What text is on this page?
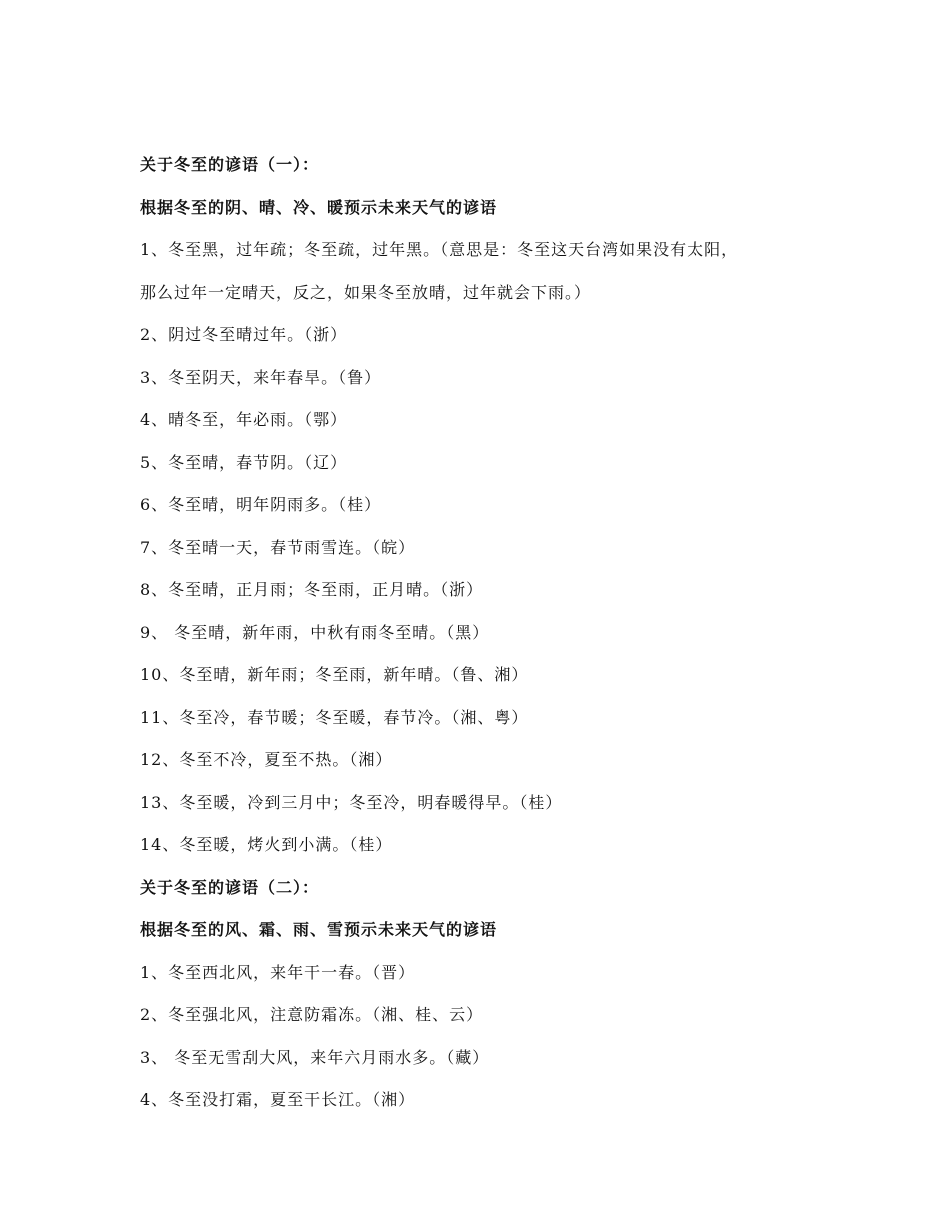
关于冬至的谚语（一）：
根据冬至的阴、晴、冷、暖预示未来天气的谚语
1、冬至黑，过年疏；冬至疏，过年黑。（意思是：冬至这天台湾如果没有太阳，
那么过年一定晴天，反之，如果冬至放晴，过年就会下雨。）
2、阴过冬至晴过年。（浙）
3、冬至阴天，来年春旱。（鲁）
4、晴冬至，年必雨。（鄂）
5、冬至晴，春节阴。（辽）
6、冬至晴，明年阴雨多。（桂）
7、冬至晴一天，春节雨雪连。（皖）
8、冬至晴，正月雨；冬至雨，正月晴。（浙）
9、 冬至晴，新年雨，中秋有雨冬至晴。（黑）
10、冬至晴，新年雨；冬至雨，新年晴。（鲁、湘）
11、冬至冷，春节暖；冬至暖，春节冷。（湘、粤）
12、冬至不冷，夏至不热。（湘）
13、冬至暖，冷到三月中；冬至冷，明春暖得早。（桂）
14、冬至暖，烤火到小满。（桂）
关于冬至的谚语（二）：
根据冬至的风、霜、雨、雪预示未来天气的谚语
1、冬至西北风，来年干一春。（晋）
2、冬至强北风，注意防霜冻。（湘、桂、云）
3、 冬至无雪刮大风，来年六月雨水多。（藏）
4、冬至没打霜，夏至干长江。（湘）
